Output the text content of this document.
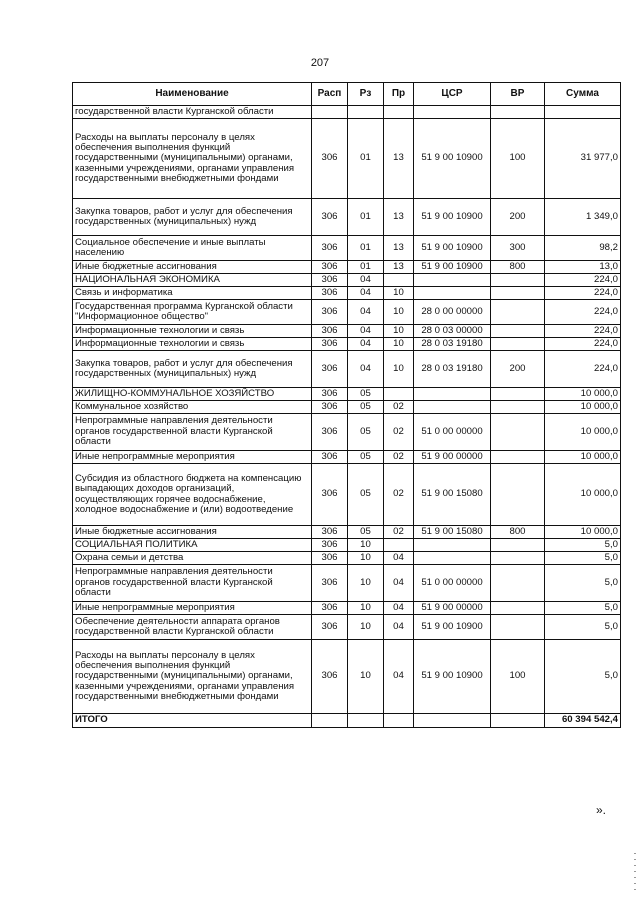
207
Наименование	Расп	Рз	Пр	ЦСР	ВР	Сумма
государственной власти Курганской области						
Расходы на выплаты персоналу в целях обеспечения выполнения функций государственными (муниципальными) органами, казенными учреждениями, органами управления государственными внебюджетными фондами	306	01	13	51 9 00 10900	100	31 977,0
Закупка товаров, работ и услуг для обеспечения государственных (муниципальных) нужд	306	01	13	51 9 00 10900	200	1 349,0
Социальное обеспечение и иные выплаты населению	306	01	13	51 9 00 10900	300	98,2
Иные бюджетные ассигнования	306	01	13	51 9 00 10900	800	13,0
НАЦИОНАЛЬНАЯ ЭКОНОМИКА	306	04				224,0
Связь и информатика	306	04	10			224,0
Государственная программа Курганской области "Информационное общество"	306	04	10	28 0 00 00000		224,0
Информационные технологии и связь	306	04	10	28 0 03 00000		224,0
Информационные технологии и связь	306	04	10	28 0 03 19180		224,0
Закупка товаров, работ и услуг для обеспечения государственных (муниципальных) нужд	306	04	10	28 0 03 19180	200	224,0
ЖИЛИЩНО-КОММУНАЛЬНОЕ ХОЗЯЙСТВО	306	05				10 000,0
Коммунальное хозяйство	306	05	02			10 000,0
Непрограммные направления деятельности органов государственной власти Курганской области	306	05	02	51 0 00 00000		10 000,0
Иные непрограммные мероприятия	306	05	02	51 9 00 00000		10 000,0
Субсидия из областного бюджета на компенсацию выпадающих доходов организаций, осуществляющих горячее водоснабжение, холодное водоснабжение и (или) водоотведение	306	05	02	51 9 00 15080		10 000,0
Иные бюджетные ассигнования	306	05	02	51 9 00 15080	800	10 000,0
СОЦИАЛЬНАЯ ПОЛИТИКА	306	10				5,0
Охрана семьи и детства	306	10	04			5,0
Непрограммные направления деятельности органов государственной власти Курганской области	306	10	04	51 0 00 00000		5,0
Иные непрограммные мероприятия	306	10	04	51 9 00 00000		5,0
Обеспечение деятельности аппарата органов государственной власти Курганской области	306	10	04	51 9 00 10900		5,0
Расходы на выплаты персоналу в целях обеспечения выполнения функций государственными (муниципальными) органами, казенными учреждениями, органами управления государственными внебюджетными фондами	306	10	04	51 9 00 10900	100	5,0
ИТОГО						60 394 542,4
».
